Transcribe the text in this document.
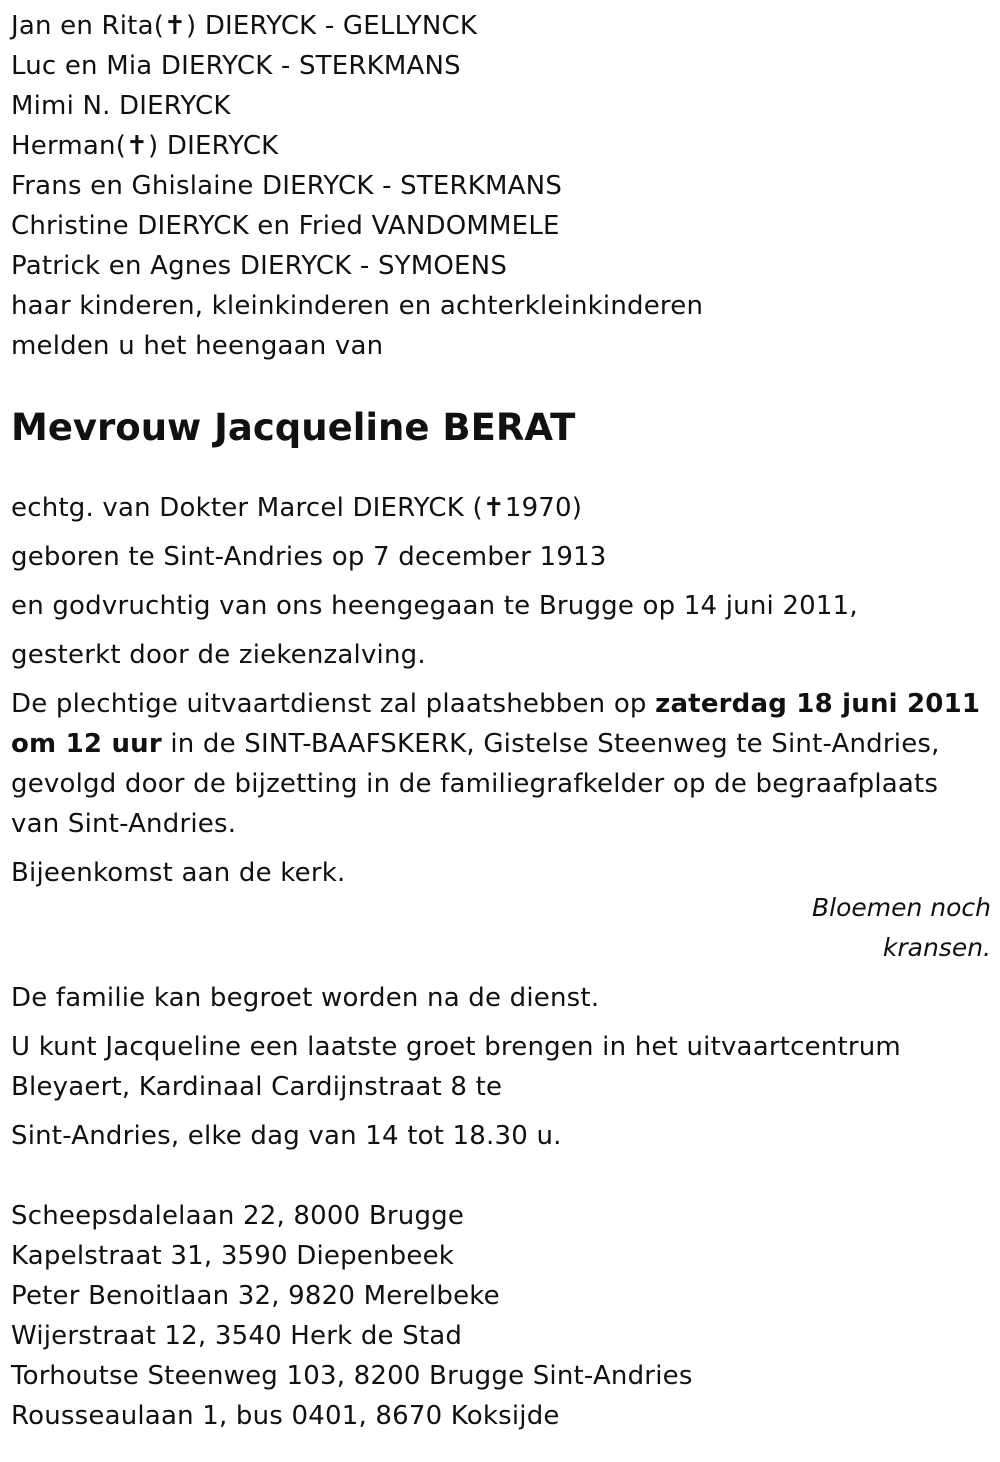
Jan en Rita(✝) DIERYCK - GELLYNCK
Luc en Mia DIERYCK - STERKMANS
Mimi N. DIERYCK
Herman(✝) DIERYCK
Frans en Ghislaine DIERYCK - STERKMANS
Christine DIERYCK en Fried VANDOMMELE
Patrick en Agnes DIERYCK - SYMOENS
haar kinderen, kleinkinderen en achterkleinkinderen
melden u het heengaan van
Mevrouw Jacqueline BERAT
echtg. van Dokter Marcel DIERYCK (✝1970)
geboren te Sint-Andries op 7 december 1913
en godvruchtig van ons heengegaan te Brugge op 14 juni 2011,
gesterkt door de ziekenzalving.
De plechtige uitvaartdienst zal plaatshebben op zaterdag 18 juni 2011
om 12 uur in de SINT-BAAFSKERK, Gistelse Steenweg te Sint-Andries,
gevolgd door de bijzetting in de familiegrafkelder op de begraafplaats
van Sint-Andries.
Bijeenkomst aan de kerk.
Bloemen noch
kransen.
De familie kan begroet worden na de dienst.
U kunt Jacqueline een laatste groet brengen in het uitvaartcentrum
Bleyaert, Kardinaal Cardijnstraat 8 te
Sint-Andries, elke dag van 14 tot 18.30 u.
Scheepsdalelaan 22, 8000 Brugge
Kapelstraat 31, 3590 Diepenbeek
Peter Benoitlaan 32, 9820 Merelbeke
Wijerstraat 12, 3540 Herk de Stad
Torhoutse Steenweg 103, 8200 Brugge Sint-Andries
Rousseaulaan 1, bus 0401, 8670 Koksijde
